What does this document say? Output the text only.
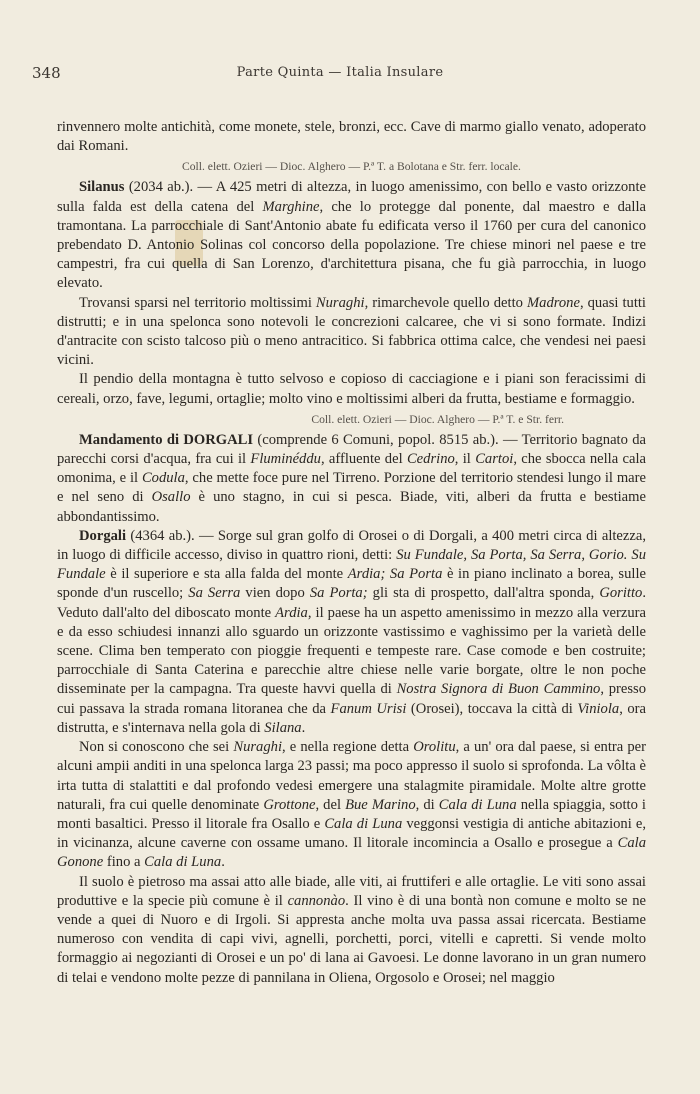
348	Parte Quinta — Italia Insulare

rinvennero molte antichità, come monete, stele, bronzi, ecc. Cave di marmo giallo venato, adoperato dai Romani.

Coll. elett. Ozieri — Dioc. Alghero — P.ª T. a Bolotana e Str. ferr. locale.

Silanus (2034 ab.). — A 425 metri di altezza, in luogo amenissimo, con bello e vasto orizzonte sulla falda est della catena del Marghine, che lo protegge dal ponente, dal maestro e dalla tramontana. La parrocchiale di Sant'Antonio abate fu edificata verso il 1760 per cura del canonico prebendato D. Antonio Solinas col concorso della popolazione. Tre chiese minori nel paese e tre campestri, fra cui quella di San Lorenzo, d'architettura pisana, che fu già parrocchia, in luogo elevato.

Trovansi sparsi nel territorio moltissimi Nuraghi, rimarchevole quello detto Madrone, quasi tutti distrutti; e in una spelonca sono notevoli le concrezioni calcaree, che vi si sono formate. Indizi d'antracite con scisto talcoso più o meno antracitico. Si fabbrica ottima calce, che vendesi nei paesi vicini.

Il pendio della montagna è tutto selvoso e copioso di cacciagione e i piani son feracissimi di cereali, orzo, fave, legumi, ortaglie; molto vino e moltissimi alberi da frutta, bestiame e formaggio.

Coll. elett. Ozieri — Dioc. Alghero — P.ª T. e Str. ferr.

Mandamento di DORGALI (comprende 6 Comuni, popol. 8515 ab.). — Territorio bagnato da parecchi corsi d'acqua, fra cui il Fluminéddu, affluente del Cedrino, il Cartoi, che sbocca nella cala omonima, e il Codula, che mette foce pure nel Tirreno. Porzione del territorio stendesi lungo il mare e nel seno di Osallo è uno stagno, in cui si pesca. Biade, viti, alberi da frutta e bestiame abbondantissimo.

Dorgali (4364 ab.). — Sorge sul gran golfo di Orosei o di Dorgali, a 400 metri circa di altezza, in luogo di difficile accesso, diviso in quattro rioni, detti: Su Fundale, Sa Porta, Sa Serra, Gorio. Su Fundale è il superiore e sta alla falda del monte Ardia; Sa Porta è in piano inclinato a borea, sulle sponde d'un ruscello; Sa Serra vien dopo Sa Porta; gli sta di prospetto, dall'altra sponda, Goritto. Veduto dall'alto del diboscato monte Ardia, il paese ha un aspetto amenissimo in mezzo alla verzura e da esso schiudesi innanzi allo sguardo un orizzonte vastissimo e vaghissimo per la varietà delle scene. Clima ben temperato con pioggie frequenti e tempeste rare. Case comode e ben costruite; parrocchiale di Santa Caterina e parecchie altre chiese nelle varie borgate, oltre le non poche disseminate per la campagna. Tra queste havvi quella di Nostra Signora di Buon Cammino, presso cui passava la strada romana litoranea che da Fanum Urisi (Orosei), toccava la città di Viniola, ora distrutta, e s'internava nella gola di Silana.

Non si conoscono che sei Nuraghi, e nella regione detta Orolitu, a un' ora dal paese, si entra per alcuni ampii anditi in una spelonca larga 23 passi; ma poco appresso il suolo si sprofonda. La vôlta è irta tutta di stalattiti e dal profondo vedesi emergere una stalagmite piramidale. Molte altre grotte naturali, fra cui quelle denominate Grottone, del Bue Marino, di Cala di Luna nella spiaggia, sotto i monti basaltici. Presso il litorale fra Osallo e Cala di Luna veggonsi vestigia di antiche abitazioni e, in vicinanza, alcune caverne con ossame umano. Il litorale incomincia a Osallo e prosegue a Cala Gonone fino a Cala di Luna.

Il suolo è pietroso ma assai atto alle biade, alle viti, ai fruttiferi e alle ortaglie. Le viti sono assai produttive e la specie più comune è il cannonào. Il vino è di una bontà non comune e molto se ne vende a quei di Nuoro e di Irgoli. Si appresta anche molta uva passa assai ricercata. Bestiame numeroso con vendita di capi vivi, agnelli, porchetti, porci, vitelli e capretti. Si vende molto formaggio ai negozianti di Orosei e un po' di lana ai Gavoesi. Le donne lavorano in un gran numero di telai e vendono molte pezze di pannilana in Oliena, Orgosolo e Orosei; nel maggio
